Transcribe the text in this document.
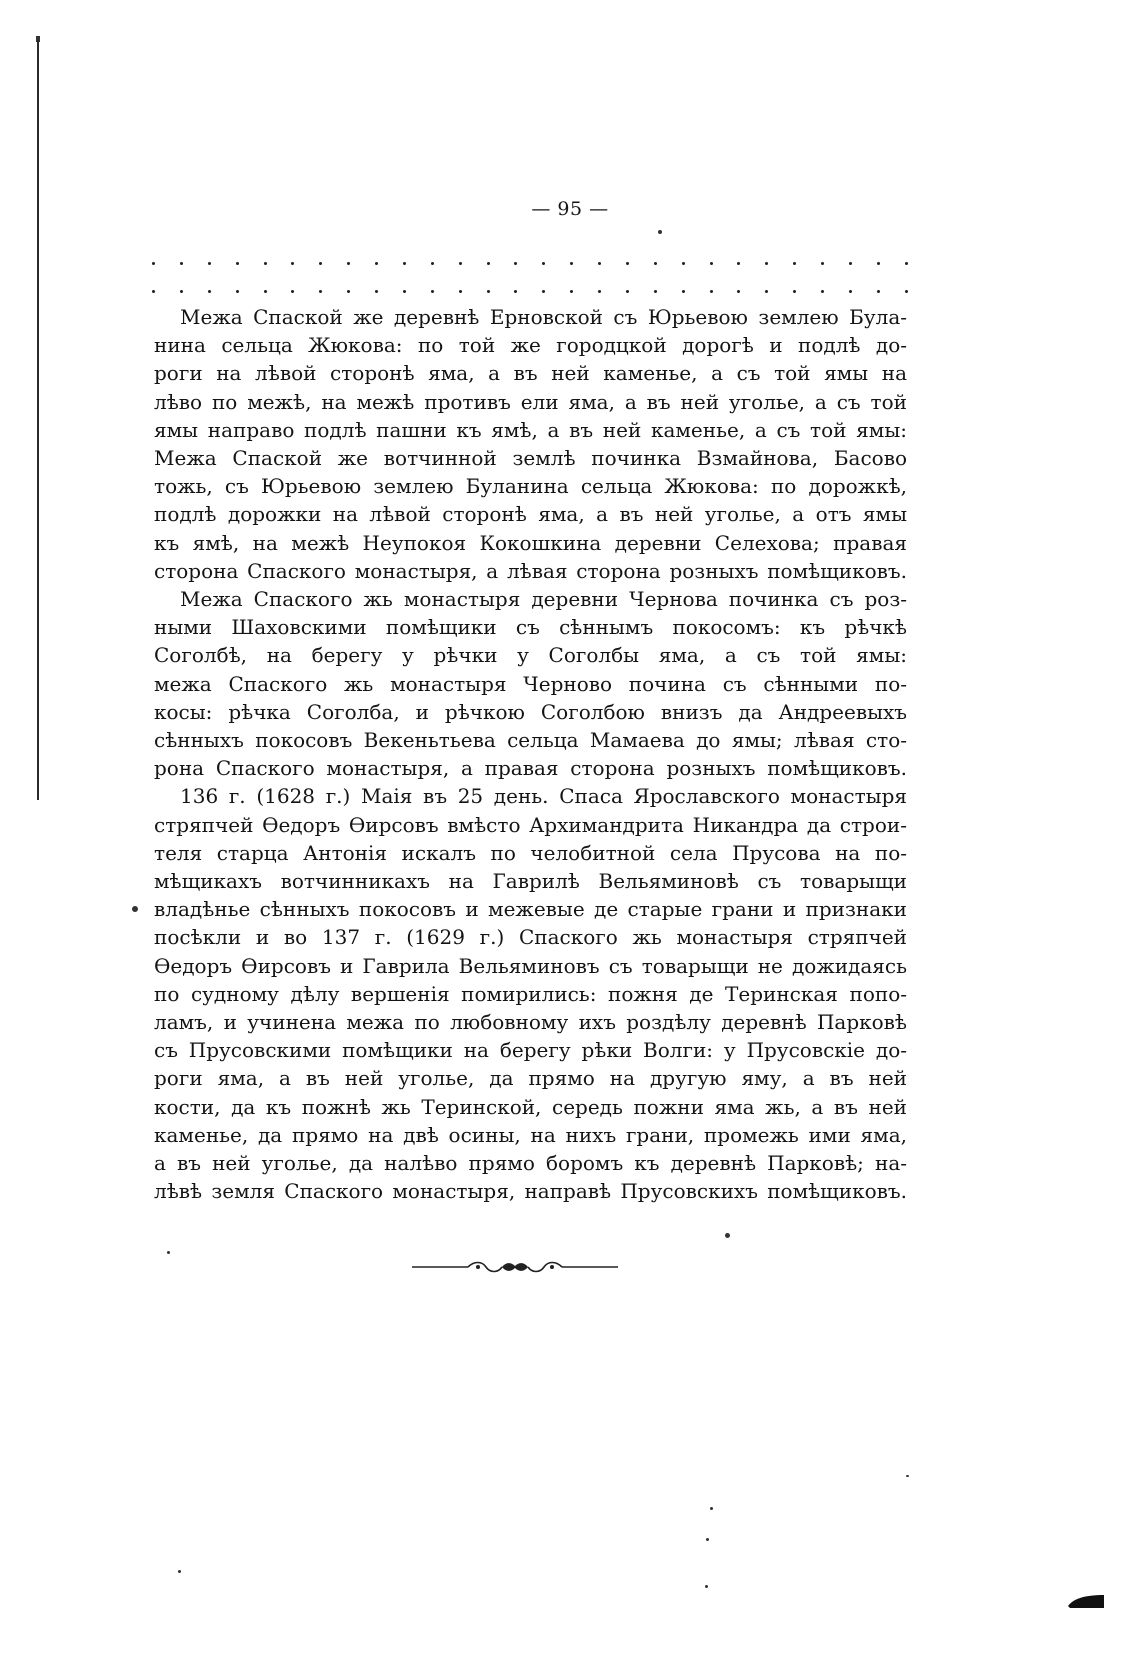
— 95 —
Межа Спаской же деревнѣ Ерновской съ Юрьевою землею Була-
нина сельца Жюкова: по той же городцкой дорогѣ и подлѣ до-
роги на лѣвой сторонѣ яма, а въ ней каменье, а съ той ямы на
лѣво по межѣ, на межѣ противъ ели яма, а въ ней уголье, а съ той
ямы направо подлѣ пашни къ ямѣ, а въ ней каменье, а съ той ямы:
Межа Спаской же вотчинной землѣ починка Взмайнова, Басово
тожь, съ Юрьевою землею Буланина сельца Жюкова: по дорожкѣ,
подлѣ дорожки на лѣвой сторонѣ яма, а въ ней уголье, а отъ ямы
къ ямѣ, на межѣ Неупокоя Кокошкина деревни Селехова; правая
сторона Спаского монастыря, а лѣвая сторона розныхъ помѣщиковъ.
Межа Спаского жь монастыря деревни Чернова починка съ роз-
ными Шаховскими помѣщики съ сѣннымъ покосомъ: къ рѣчкѣ
Соголбѣ, на берегу у рѣчки у Соголбы яма, а съ той ямы:
межа Спаского жь монастыря Черново почина съ сѣнными по-
косы: рѣчка Соголба, и рѣчкою Соголбою внизъ да Андреевыхъ
сѣнныхъ покосовъ Векеньтьева сельца Мамаева до ямы; лѣвая сто-
рона Спаского монастыря, а правая сторона розныхъ помѣщиковъ.
136 г. (1628 г.) Маія въ 25 день. Спаса Ярославского монастыря
стряпчей Ѳедоръ Ѳирсовъ вмѣсто Архимандрита Никандра да строи-
теля старца Антонія искалъ по челобитной села Прусова на по-
мѣщикахъ вотчинникахъ на Гаврилѣ Вельяминовѣ съ товарыщи
владѣнье сѣнныхъ покосовъ и межевые де старые грани и признаки
посѣкли и во 137 г. (1629 г.) Спаского жь монастыря стряпчей
Ѳедоръ Ѳирсовъ и Гаврила Вельяминовъ съ товарыщи не дожидаясь
по судному дѣлу вершенія помирились: пожня де Теринская попо-
ламъ, и учинена межа по любовному ихъ роздѣлу деревнѣ Парковѣ
съ Прусовскими помѣщики на берегу рѣки Волги: у Прусовскіе до-
роги яма, а въ ней уголье, да прямо на другую яму, а въ ней
кости, да къ пожнѣ жь Теринской, середь пожни яма жь, а въ ней
каменье, да прямо на двѣ осины, на нихъ грани, промежь ими яма,
а въ ней уголье, да налѣво прямо боромъ къ деревнѣ Парковѣ; на-
лѣвѣ земля Спаского монастыря, направѣ Прусовскихъ помѣщиковъ.
